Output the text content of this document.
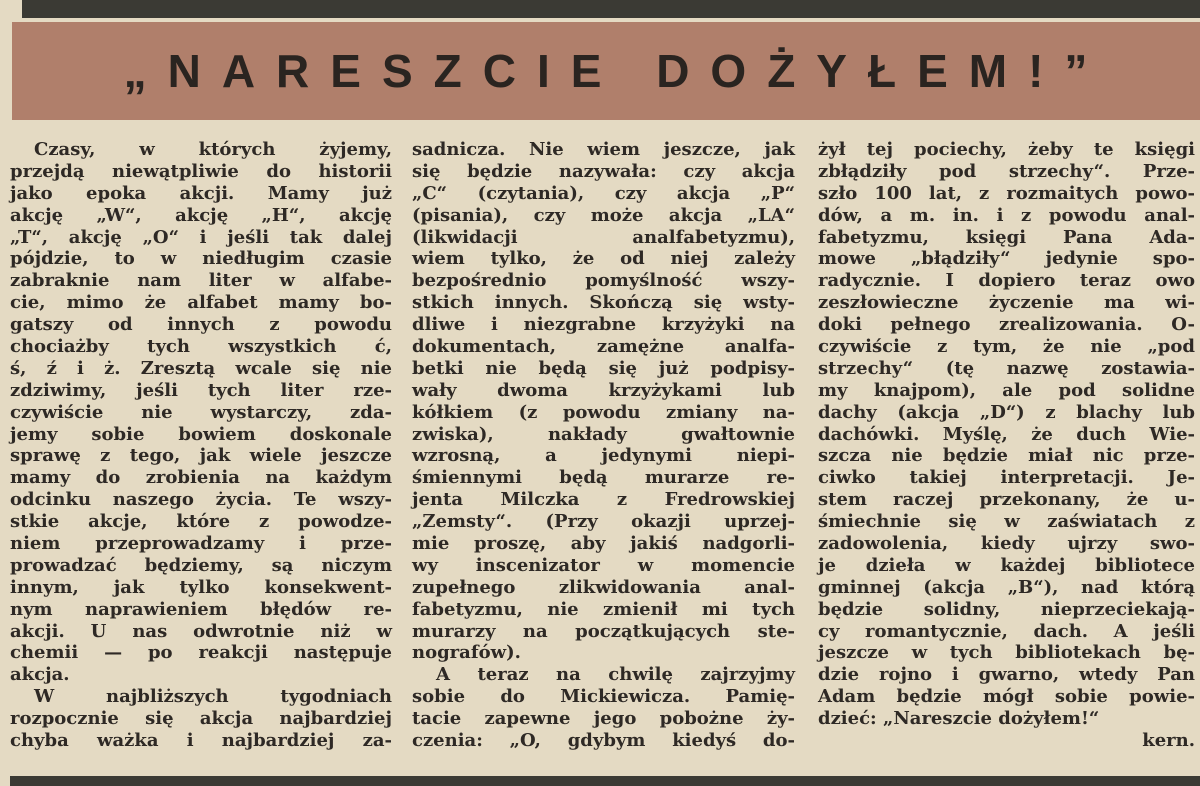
„NARESZCIE DOŻYŁEM!”
Czasy, w których żyjemy,
przejdą niewątpliwie do historii
jako epoka akcji. Mamy już
akcję „W“, akcję „H“, akcję
„T“, akcję „O“ i jeśli tak dalej
pójdzie, to w niedługim czasie
zabraknie nam liter w alfabe-
cie, mimo że alfabet mamy bo-
gatszy od innych z powodu
chociażby tych wszystkich ć,
ś, ź i ż. Zresztą wcale się nie
zdziwimy, jeśli tych liter rze-
czywiście nie wystarczy, zda-
jemy sobie bowiem doskonale
sprawę z tego, jak wiele jeszcze
mamy do zrobienia na każdym
odcinku naszego życia. Te wszy-
stkie akcje, które z powodze-
niem przeprowadzamy i prze-
prowadzać będziemy, są niczym
innym, jak tylko konsekwent-
nym naprawieniem błędów re-
akcji. U nas odwrotnie niż w
chemii — po reakcji następuje
akcja.
W najbliższych tygodniach
rozpocznie się akcja najbardziej
chyba ważka i najbardziej za-
sadnicza. Nie wiem jeszcze, jak
się będzie nazywała: czy akcja
„C“ (czytania), czy akcja „P“
(pisania), czy może akcja „LA“
(likwidacji analfabetyzmu),
wiem tylko, że od niej zależy
bezpośrednio pomyślność wszy-
stkich innych. Skończą się wsty-
dliwe i niezgrabne krzyżyki na
dokumentach, zamężne analfa-
betki nie będą się już podpisy-
wały dwoma krzyżykami lub
kółkiem (z powodu zmiany na-
zwiska), nakłady gwałtownie
wzrosną, a jedynymi niepi-
śmiennymi będą murarze re-
jenta Milczka z Fredrowskiej
„Zemsty“. (Przy okazji uprzej-
mie proszę, aby jakiś nadgorli-
wy inscenizator w momencie
zupełnego zlikwidowania anal-
fabetyzmu, nie zmienił mi tych
murarzy na początkujących ste-
nografów).
A teraz na chwilę zajrzyjmy
sobie do Mickiewicza. Pamię-
tacie zapewne jego pobożne ży-
czenia: „O, gdybym kiedyś do-
żył tej pociechy, żeby te księgi
zbłądziły pod strzechy“. Prze-
szło 100 lat, z rozmaitych powo-
dów, a m. in. i z powodu anal-
fabetyzmu, księgi Pana Ada-
mowe „błądziły“ jedynie spo-
radycznie. I dopiero teraz owo
zeszłowieczne życzenie ma wi-
doki pełnego zrealizowania. O-
czywiście z tym, że nie „pod
strzechy“ (tę nazwę zostawia-
my knajpom), ale pod solidne
dachy (akcja „D“) z blachy lub
dachówki. Myślę, że duch Wie-
szcza nie będzie miał nic prze-
ciwko takiej interpretacji. Je-
stem raczej przekonany, że u-
śmiechnie się w zaświatach z
zadowolenia, kiedy ujrzy swo-
je dzieła w każdej bibliotece
gminnej (akcja „B“), nad którą
będzie solidny, nieprzeciekają-
cy romantycznie, dach. A jeśli
jeszcze w tych bibliotekach bę-
dzie rojno i gwarno, wtedy Pan
Adam będzie mógł sobie powie-
dzieć: „Nareszcie dożyłem!“
kern.
